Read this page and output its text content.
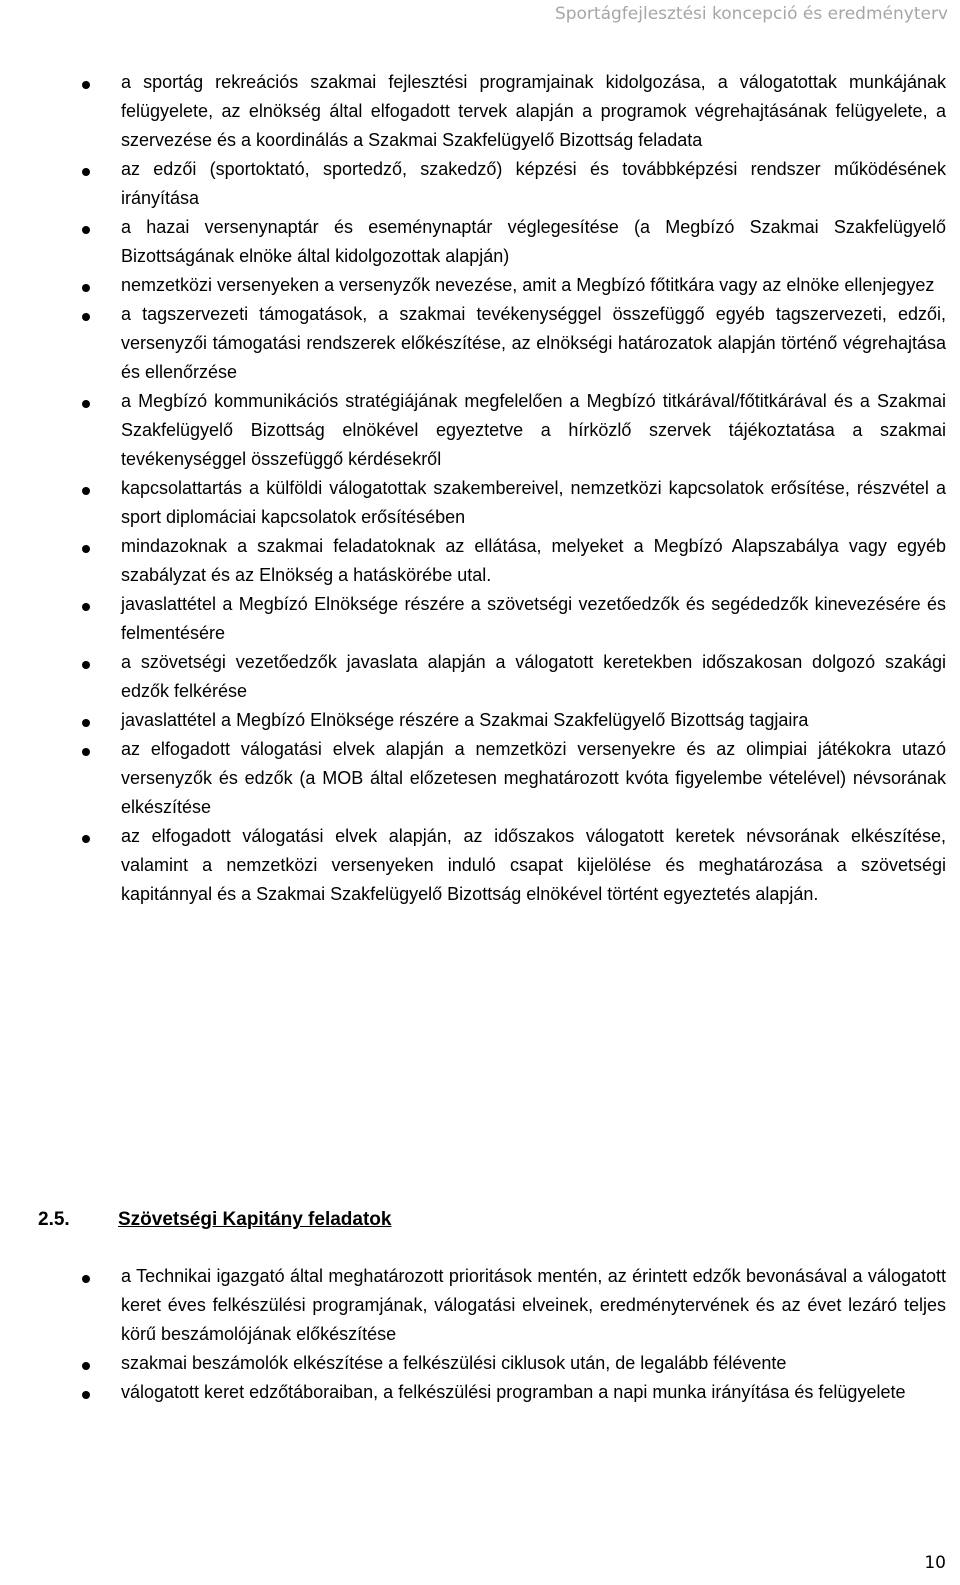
Sportágfejlesztési koncepció és eredményterv
a sportág rekreációs szakmai fejlesztési programjainak kidolgozása, a válogatottak munkájának felügyelete, az elnökség által elfogadott tervek alapján a programok végrehajtásának felügyelete, a szervezése és a koordinálás a Szakmai Szakfelügyelő Bizottság feladata
az edzői (sportoktató, sportedző, szakedző) képzési és továbbképzési rendszer működésének irányítása
a hazai versenynaptár és eseménynaptár véglegesítése (a Megbízó Szakmai Szakfelügyelő Bizottságának elnöke által kidolgozottak alapján)
nemzetközi versenyeken a versenyzők nevezése, amit a Megbízó főtitkára vagy az elnöke ellenjegyez
a tagszervezeti támogatások, a szakmai tevékenységgel összefüggő egyéb tagszervezeti, edzői, versenyzői támogatási rendszerek előkészítése, az elnökségi határozatok alapján történő végrehajtása és ellenőrzése
a Megbízó kommunikációs stratégiájának megfelelően a Megbízó titkárával/főtitkárával és a Szakmai Szakfelügyelő Bizottság elnökével egyeztetve a hírközlő szervek tájékoztatása a szakmai tevékenységgel összefüggő kérdésekről
kapcsolattartás a külföldi válogatottak szakembereivel, nemzetközi kapcsolatok erősítése, részvétel a sport diplomáciai kapcsolatok erősítésében
mindazoknak a szakmai feladatoknak az ellátása, melyeket a Megbízó Alapszabálya vagy egyéb szabályzat és az Elnökség a hatáskörébe utal.
javaslattétel a Megbízó Elnöksége részére a szövetségi vezetőedzők és segédedzők kinevezésére és felmentésére
a szövetségi vezetőedzők javaslata alapján a válogatott keretekben időszakosan dolgozó szakági edzők felkérése
javaslattétel a Megbízó Elnöksége részére a Szakmai Szakfelügyelő Bizottság tagjaira
az elfogadott válogatási elvek alapján a nemzetközi versenyekre és az olimpiai játékokra utazó versenyzők és edzők (a MOB által előzetesen meghatározott kvóta figyelembe vételével) névsorának elkészítése
az elfogadott válogatási elvek alapján, az időszakos válogatott keretek névsorának elkészítése, valamint a nemzetközi versenyeken induló csapat kijelölése és meghatározása a szövetségi kapitánnyal és a Szakmai Szakfelügyelő Bizottság elnökével történt egyeztetés alapján.
2.5.	Szövetségi Kapitány feladatok
a Technikai igazgató által meghatározott prioritások mentén, az érintett edzők bevonásával a válogatott keret éves felkészülési programjának, válogatási elveinek, eredménytervének és az évet lezáró teljes körű beszámolójának előkészítése
szakmai beszámolók elkészítése a felkészülési ciklusok után, de legalább félévente
válogatott keret edzőtáboraiban, a felkészülési programban a napi munka irányítása és felügyelete
10
